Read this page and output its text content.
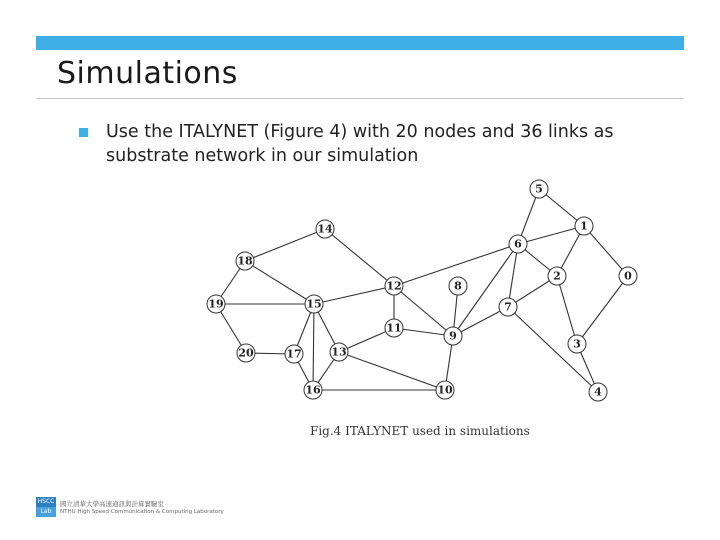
Simulations
Use the ITALYNET (Figure 4) with 20 nodes and 36 links as substrate network in our simulation
0
1
2
3
4
5
6
7
8
9
10
11
12
13
14
15
16
17
18
19
20
Fig.4 ITALYNET used in simulations
HSCC
Lab
國立清華大學高速通訊與計算實驗室
NTHU High Speed Communication & Computing Laboratory
